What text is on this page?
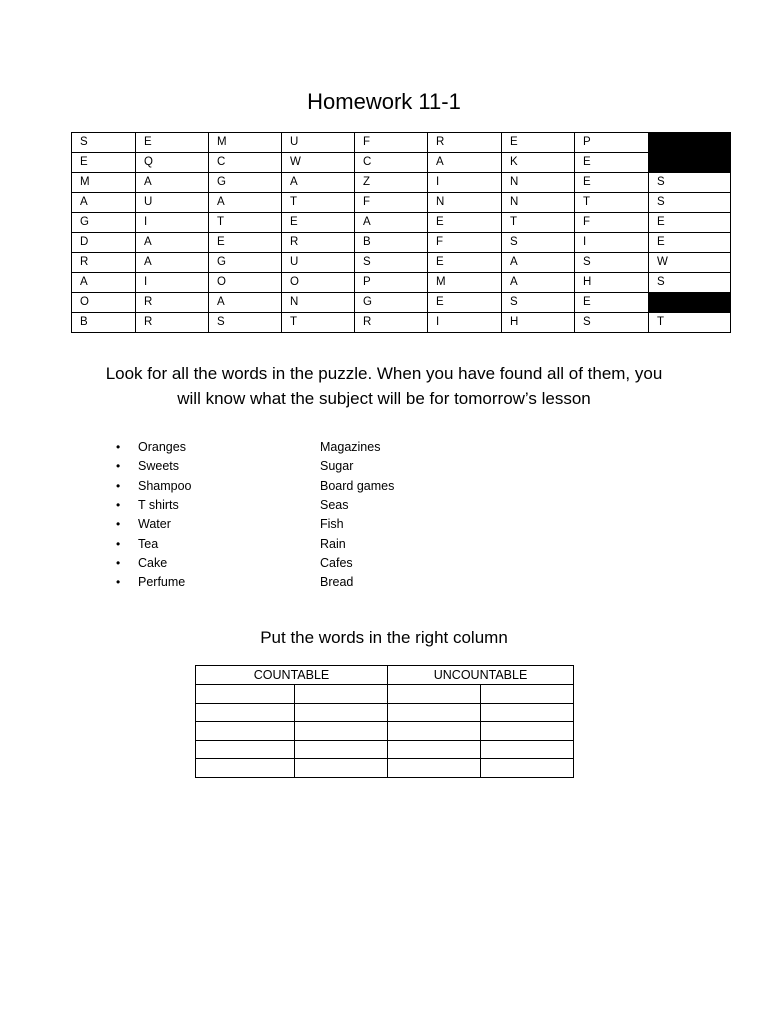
Homework 11-1
S	E	M	U	F	R	E	P	
E	Q	C	W	C	A	K	E	
M	A	G	A	Z	I	N	E	S
A	U	A	T	F	N	N	T	S
G	I	T	E	A	E	T	F	E
D	A	E	R	B	F	S	I	E
R	A	G	U	S	E	A	S	W
A	I	O	O	P	M	A	H	S
O	R	A	N	G	E	S	E	
B	R	S	T	R	I	H	S	T
Look for all the words in the puzzle. When you have found all of them, you
will know what the subject will be for tomorrow’s lesson
• Oranges
• Sweets
• Shampoo
• T shirts
• Water
• Tea
• Cake
• Perfume
Magazines
Sugar
Board games
Seas
Fish
Rain
Cafes
Bread
Put the words in the right column
COUNTABLE		UNCOUNTABLE	
